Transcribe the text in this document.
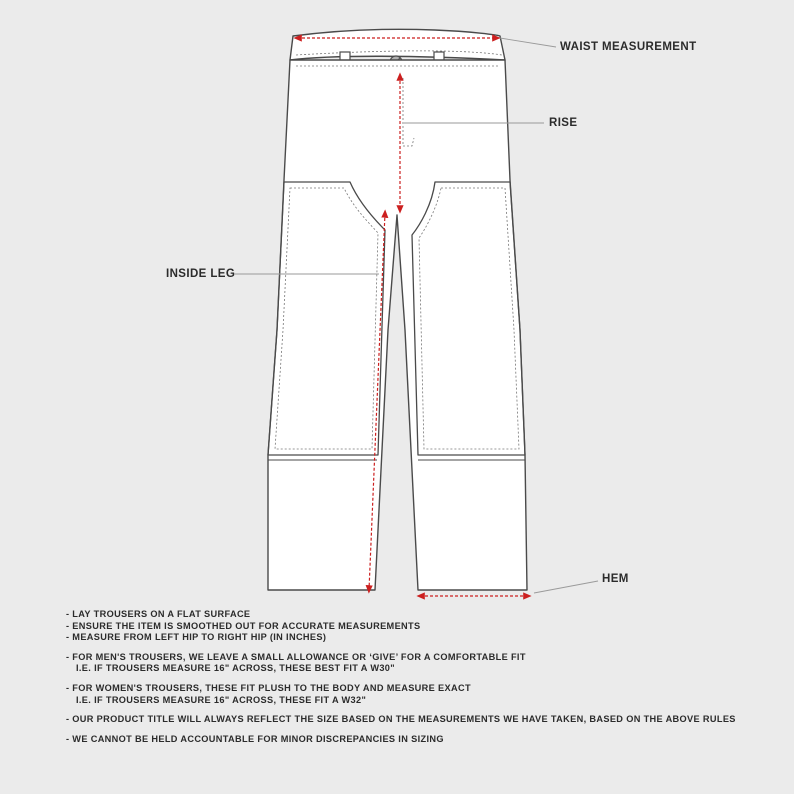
WAIST MEASUREMENT
RISE
INSIDE LEG
HEM
- LAY TROUSERS ON A FLAT SURFACE
- ENSURE THE ITEM IS SMOOTHED OUT FOR ACCURATE MEASUREMENTS
- MEASURE FROM LEFT HIP TO RIGHT HIP (IN INCHES)
- FOR MEN'S TROUSERS, WE LEAVE A SMALL ALLOWANCE OR ‘GIVE’ FOR A COMFORTABLE FIT
I.E. IF TROUSERS MEASURE 16" ACROSS, THESE BEST FIT A W30"
- FOR WOMEN'S TROUSERS, THESE FIT PLUSH TO THE BODY AND MEASURE EXACT
I.E. IF TROUSERS MEASURE 16" ACROSS, THESE FIT A W32"
- OUR PRODUCT TITLE WILL ALWAYS REFLECT THE SIZE BASED ON THE MEASUREMENTS WE HAVE TAKEN, BASED ON THE ABOVE RULES
- WE CANNOT BE HELD ACCOUNTABLE FOR MINOR DISCREPANCIES IN SIZING
